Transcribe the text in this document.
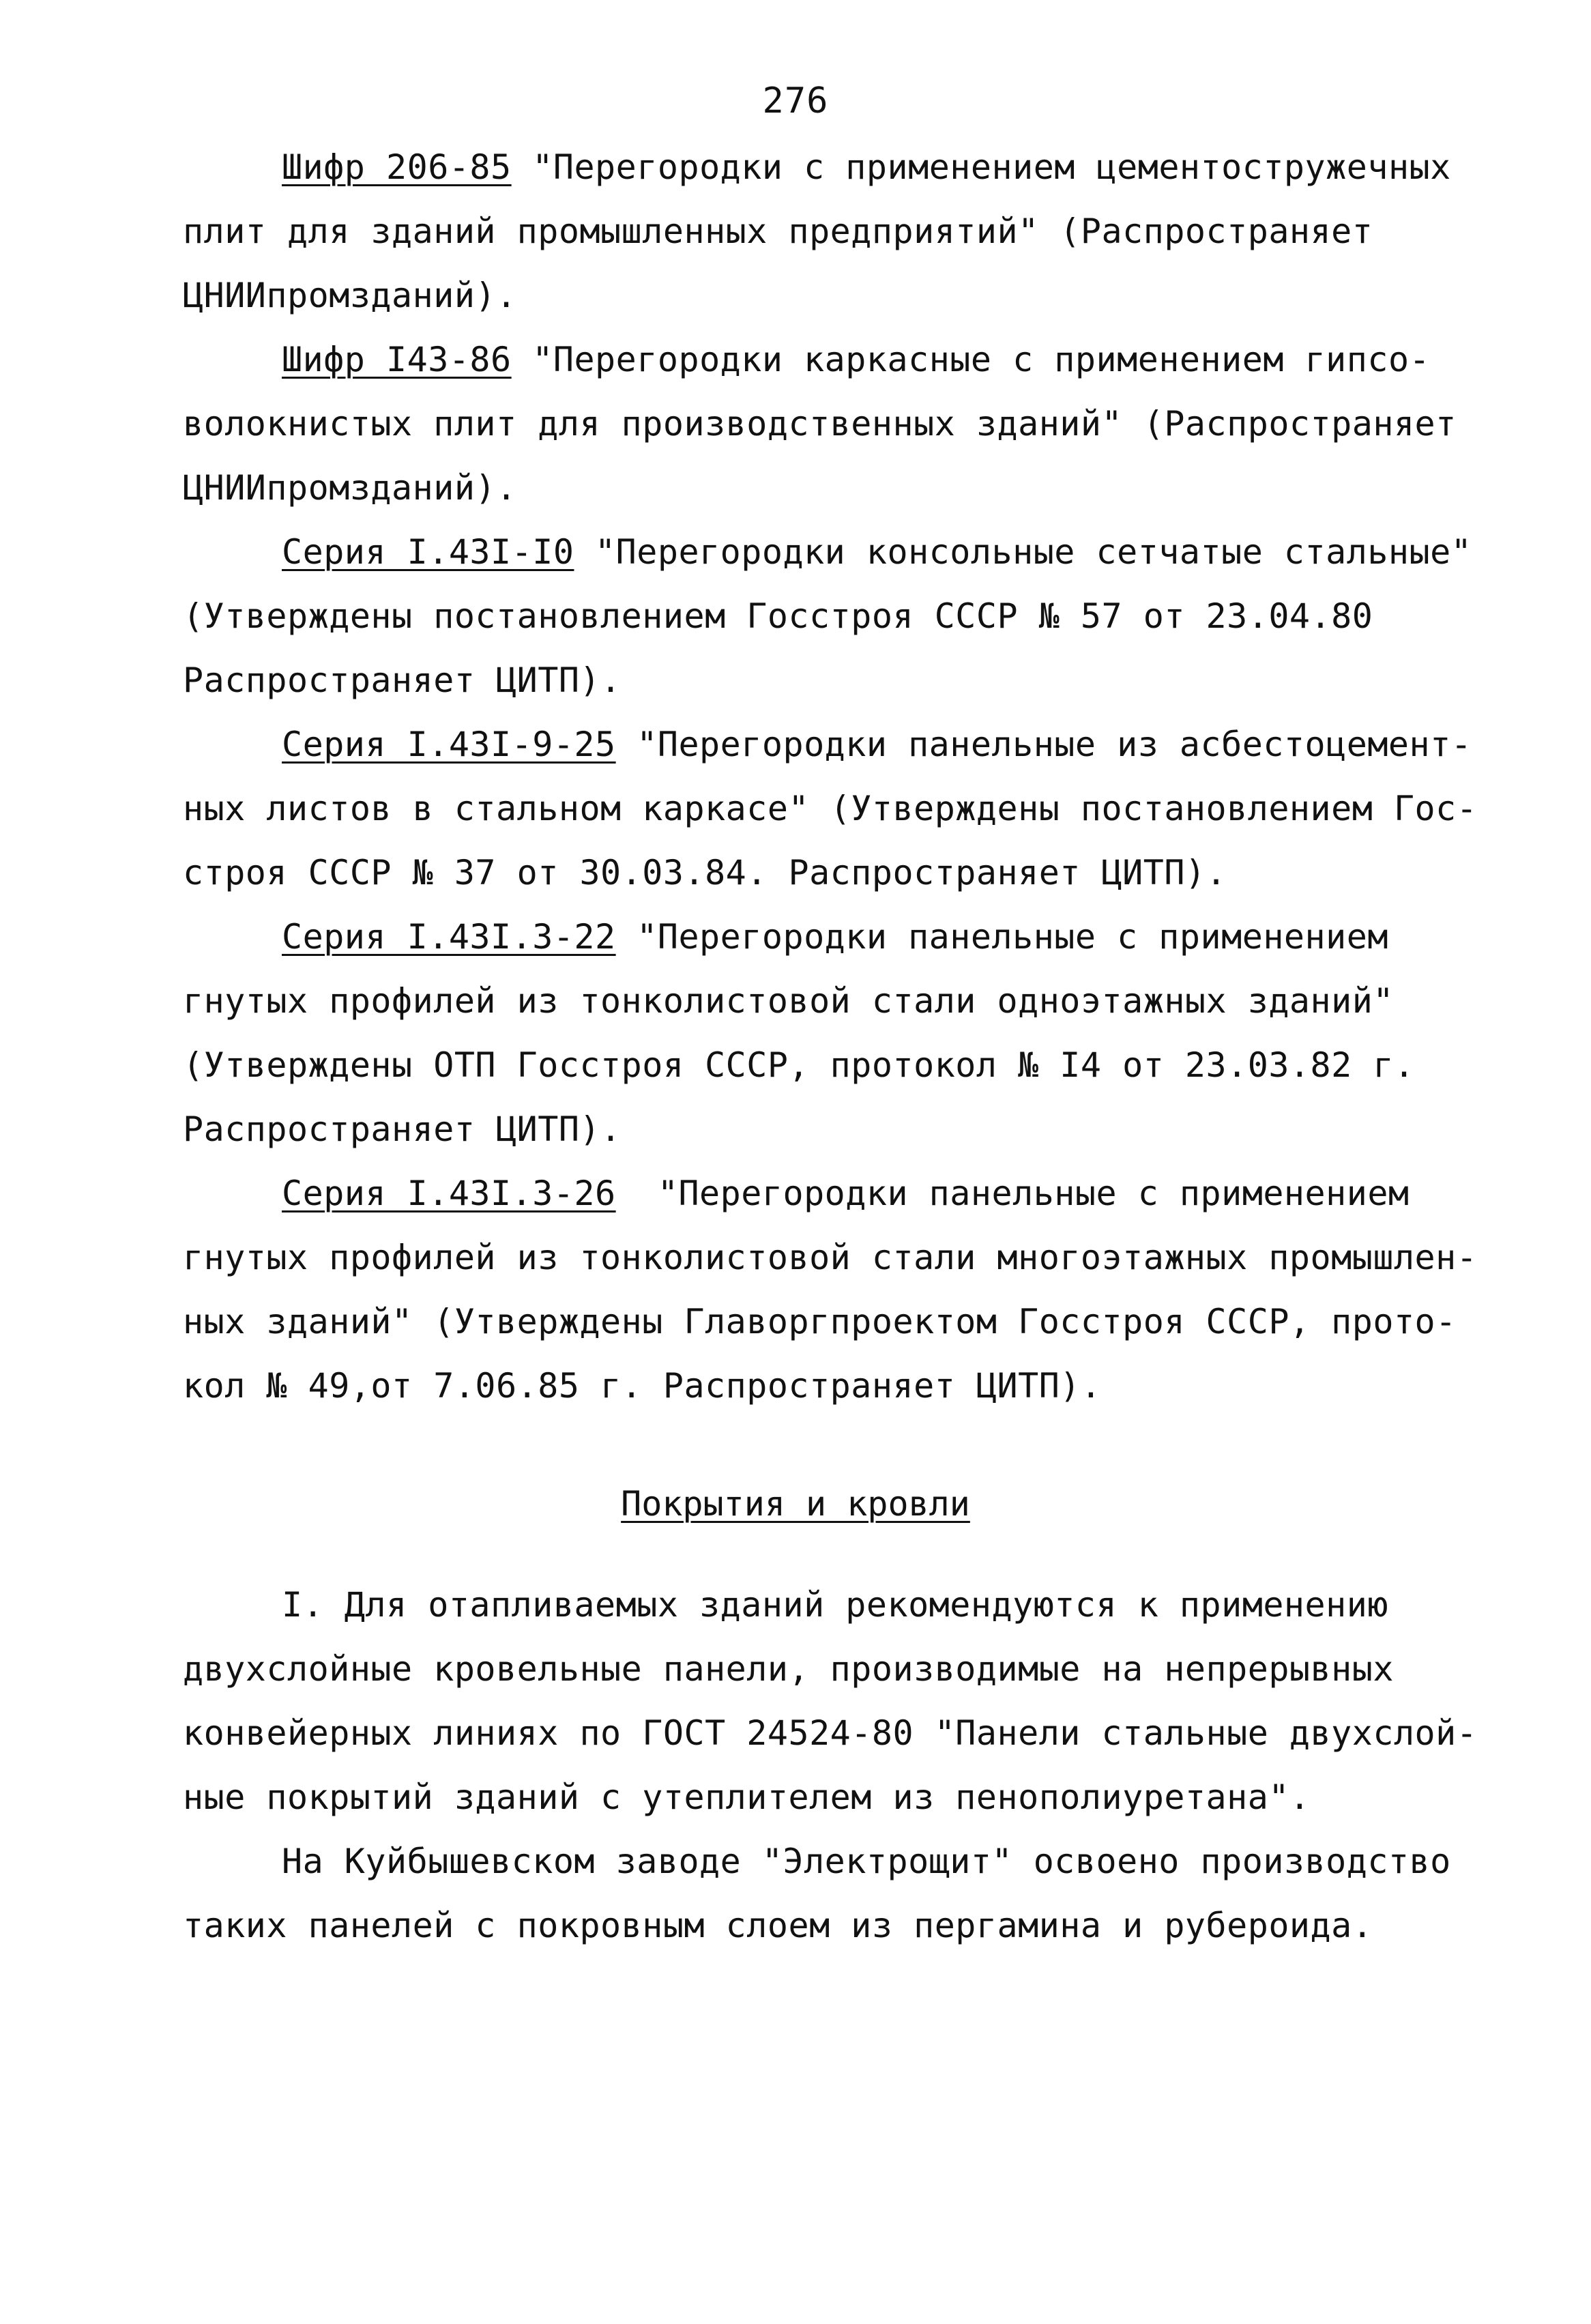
276
Шифр 206-85 "Перегородки с применением цементостружечных
плит для зданий промышленных предприятий" (Распространяет
ЦНИИпромзданий).
Шифр I43-86 "Перегородки каркасные с применением гипсо-
волокнистых плит для производственных зданий" (Распространяет
ЦНИИпромзданий).
Серия I.43I-I0 "Перегородки консольные сетчатые стальные"
(Утверждены постановлением Госстроя СССР № 57 от 23.04.80
Распространяет ЦИТП).
Серия I.43I-9-25 "Перегородки панельные из асбестоцемент-
ных листов в стальном каркасе" (Утверждены постановлением Гос-
строя СССР № 37 от 30.03.84. Распространяет ЦИТП).
Серия I.43I.3-22 "Перегородки панельные с применением
гнутых профилей из тонколистовой стали одноэтажных зданий"
(Утверждены ОТП Госстроя СССР, протокол № I4 от 23.03.82 г.
Распространяет ЦИТП).
Серия I.43I.3-26  "Перегородки панельные с применением
гнутых профилей из тонколистовой стали многоэтажных промышлен-
ных зданий" (Утверждены Главоргпроектом Госстроя СССР, прото-
кол № 49,от 7.06.85 г. Распространяет ЦИТП).
Покрытия и кровли
I. Для отапливаемых зданий рекомендуются к применению
двухслойные кровельные панели, производимые на непрерывных
конвейерных линиях по ГОСТ 24524-80 "Панели стальные двухслой-
ные покрытий зданий с утеплителем из пенополиуретана".
На Куйбышевском заводе "Электрощит" освоено производство
таких панелей с покровным слоем из пергамина и рубероида.
